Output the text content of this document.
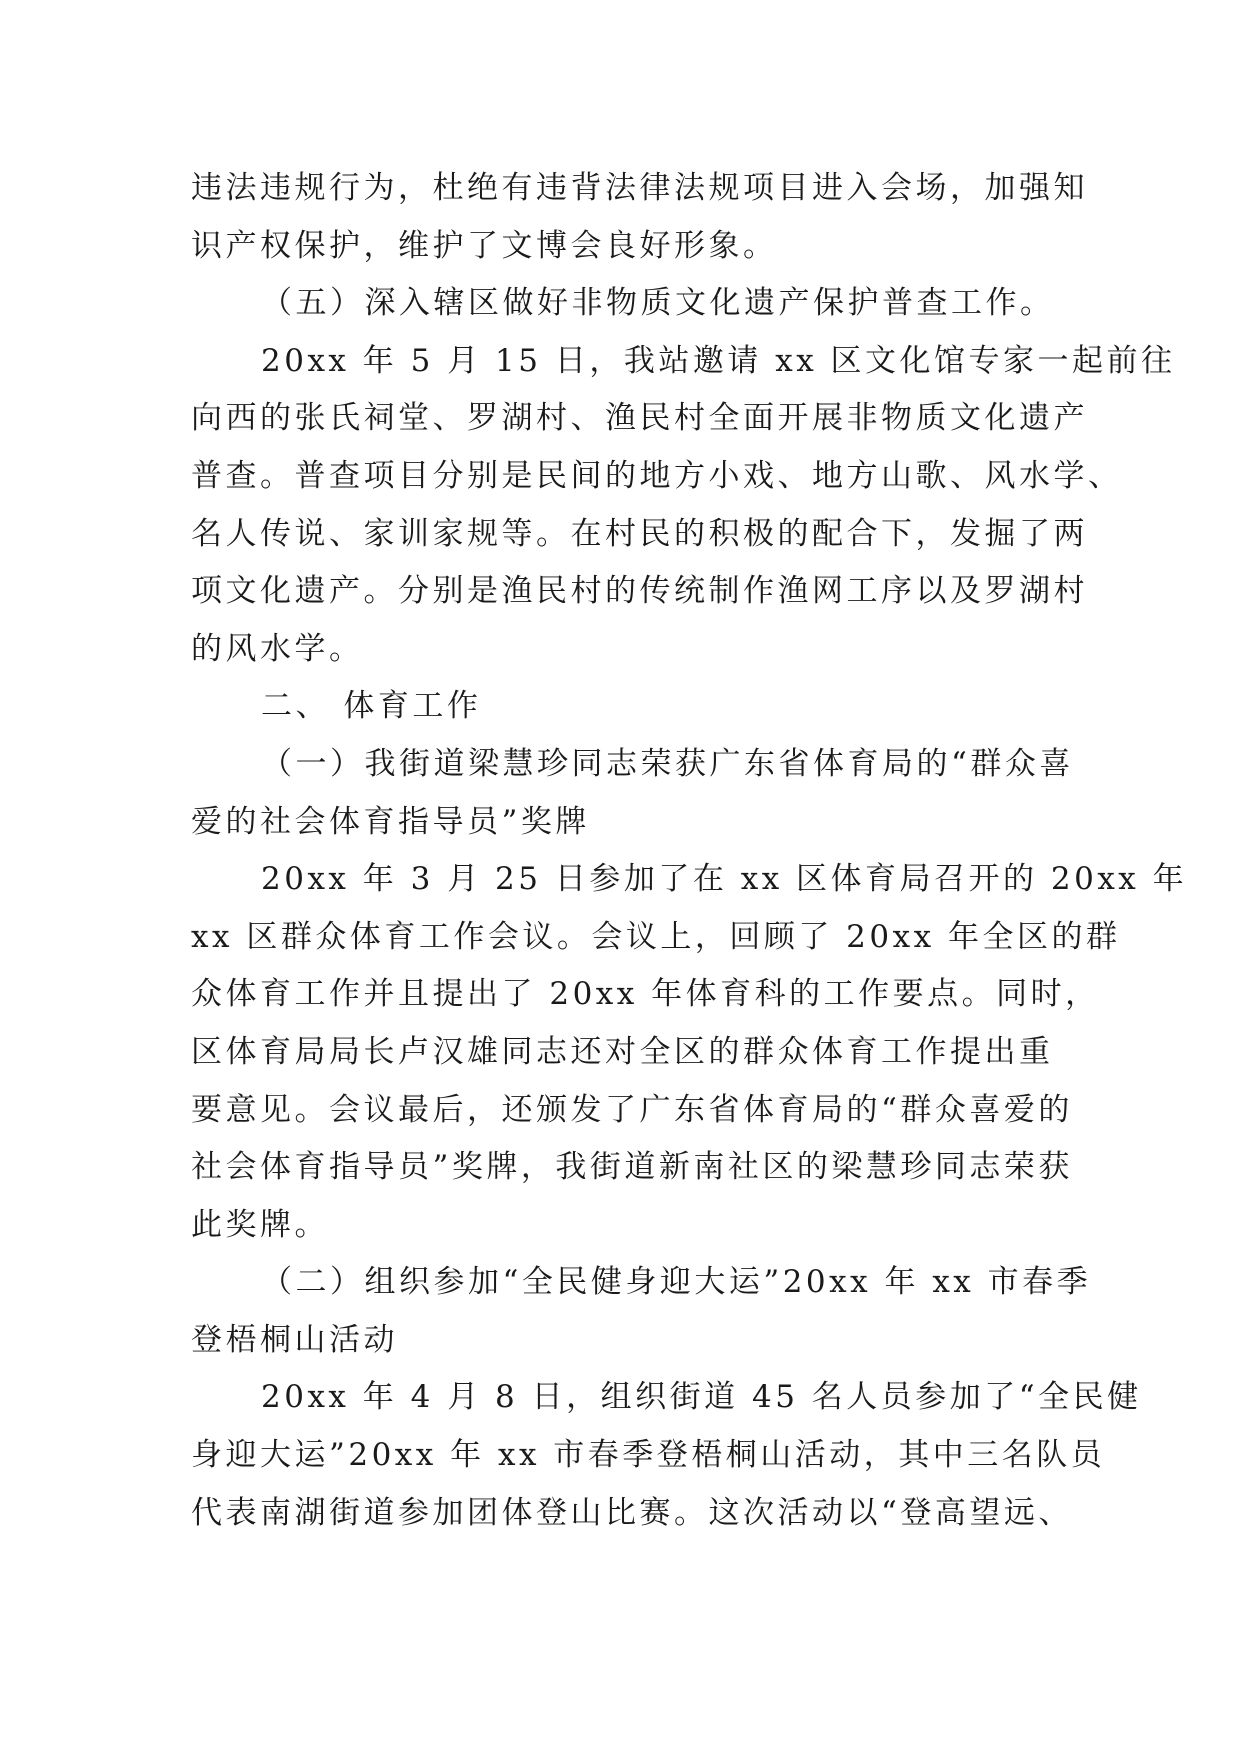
违法违规行为，杜绝有违背法律法规项目进入会场，加强知
识产权保护，维护了文博会良好形象。
（五）深入辖区做好非物质文化遗产保护普查工作。
20xx 年 5 月 15 日，我站邀请 xx 区文化馆专家一起前往
向西的张氏祠堂、罗湖村、渔民村全面开展非物质文化遗产
普查。普查项目分别是民间的地方小戏、地方山歌、风水学、
名人传说、家训家规等。在村民的积极的配合下，发掘了两
项文化遗产。分别是渔民村的传统制作渔网工序以及罗湖村
的风水学。
二、 体育工作
（一）我街道梁慧珍同志荣获广东省体育局的“群众喜
爱的社会体育指导员”奖牌
20xx 年 3 月 25 日参加了在 xx 区体育局召开的 20xx 年
xx 区群众体育工作会议。会议上，回顾了 20xx 年全区的群
众体育工作并且提出了 20xx 年体育科的工作要点。同时，
区体育局局长卢汉雄同志还对全区的群众体育工作提出重
要意见。会议最后，还颁发了广东省体育局的“群众喜爱的
社会体育指导员”奖牌，我街道新南社区的梁慧珍同志荣获
此奖牌。
（二）组织参加“全民健身迎大运”20xx 年 xx 市春季
登梧桐山活动
20xx 年 4 月 8 日，组织街道 45 名人员参加了“全民健
身迎大运”20xx 年 xx 市春季登梧桐山活动，其中三名队员
代表南湖街道参加团体登山比赛。这次活动以“登高望远、
